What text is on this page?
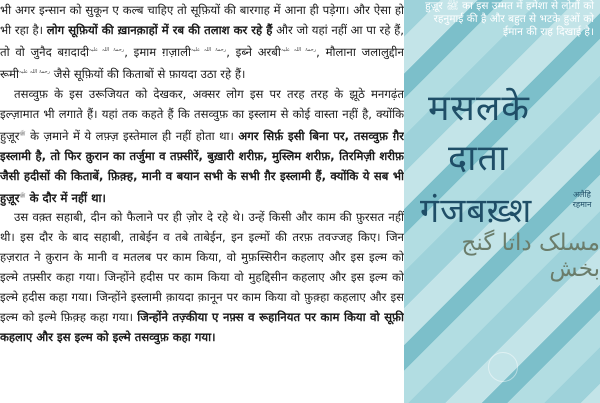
भी अगर इन्सान को सुकून ए कल्ब चाहिए तो सूफ़ियों की बारगाह में आना ही पड़ेगा। और ऐसा हो भी रहा है। लोग सूफ़ियों की ख़ानक़ाहों में रब की तलाश कर रहे हैं और जो यहां नहीं आ पा रहे हैं, तो वो जुनैद बग़दादी$^{رحمۃ اللہ علیہ}$, इमाम ग़ज़ाली$^{رحمۃ اللہ علیہ}$, इब्ने अरबी$^{رحمۃ اللہ علیہ}$, मौलाना जलालुद्दीन रूमी$^{رحمۃ اللہ علیہ}$ जैसे सूफ़ियों की किताबों से फ़ायदा उठा रहे हैं।

तसव्वुफ़ के इस उरूजियत को देखकर, अक्सर लोग इस पर तरह तरह के झूठे मनगढ़ंत इल्ज़ामात भी लगाते हैं। यहां तक कहते हैं कि तसव्वुफ़ का इस्लाम से कोई वास्ता नहीं है, क्योंकि हुज़ूर$^ﷺ$ के ज़माने में ये लफ़्ज़ इस्तेमाल ही नहीं होता था। अगर सिर्फ़ इसी बिना पर, तसव्वुफ़ ग़ैर इस्लामी है, तो फिर क़ुरान का तर्जुमा व तफ़्सीरें, बुख़ारी शरीफ़, मुस्लिम शरीफ़, तिरमिज़ी शरीफ़ जैसी हदीसों की किताबें, फ़िक़्ह, मानी व बयान सभी के सभी ग़ैर इस्लामी हैं, क्योंकि ये सब भी हुज़ूर$^ﷺ$ के दौर में नहीं था।

उस वक़्त सहाबी, दीन को फैलाने पर ही ज़ोर दे रहे थे। उन्हें किसी और काम की फ़ुरसत नहीं थी। इस दौर के बाद सहाबी, ताबेईन व तबे ताबेईन, इन इल्मों की तरफ़ तवज्जह किए। जिन हज़रात ने क़ुरान के मानी व मतलब पर काम किया, वो मुफ़स्सिरीन कहलाए और इस इल्म को इल्मे तफ़्सीर कहा गया। जिन्होंने हदीस पर काम किया वो मुहद्दिसीन कहलाए और इस इल्म को इल्मे हदीस कहा गया। जिन्होंने इस्लामी क़ायदा क़ानून पर काम किया वो फ़ुक़्हा कहलाए और इस इल्म को इल्मे फ़िक़्ह कहा गया। जिन्होंने तज़्कीया ए नफ़्स व रूहानियत पर काम किया वो सूफ़ी कहलाए और इस इल्म को इल्मे तसव्वुफ़ कहा गया।

हुज़ूर ﷺ का इस उम्मत में हमेशा से लोगों को रहनुमाई की है और बहुत से भटके हुओं को ईमान की राह दिखाई है।
मसलके
दाता
गंजबख़्श	अलैहि रहमान
مسلک داتا گنج بخش
